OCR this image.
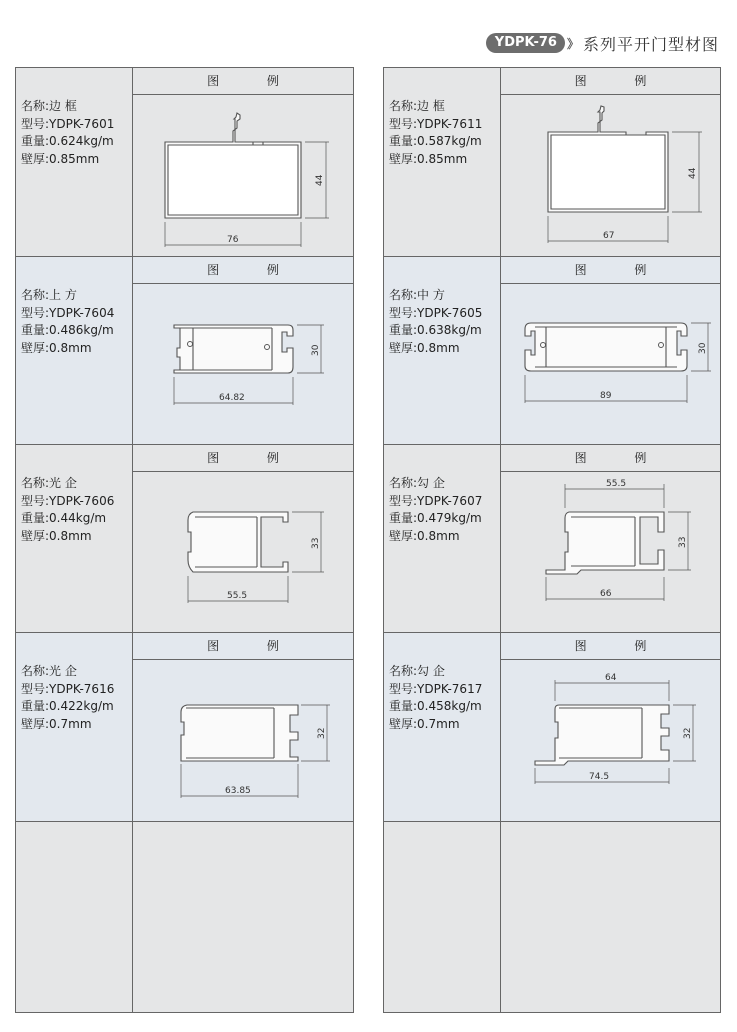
YDPK-76 》 系列平开门型材图
名称:边 框
型号:YDPK-7601
重量:0.624kg/m
壁厚:0.85mm
图 例
76
44
名称:上 方
型号:YDPK-7604
重量:0.486kg/m
壁厚:0.8mm
图 例
64.82
30
名称:光 企
型号:YDPK-7606
重量:0.44kg/m
壁厚:0.8mm
图 例
55.5
33
名称:光 企
型号:YDPK-7616
重量:0.422kg/m
壁厚:0.7mm
图 例
63.85
32
名称:边 框
型号:YDPK-7611
重量:0.587kg/m
壁厚:0.85mm
图 例
67
44
名称:中 方
型号:YDPK-7605
重量:0.638kg/m
壁厚:0.8mm
图 例
89
30
名称:勾 企
型号:YDPK-7607
重量:0.479kg/m
壁厚:0.8mm
图 例
55.5
66
33
名称:勾 企
型号:YDPK-7617
重量:0.458kg/m
壁厚:0.7mm
图 例
64
74.5
32
